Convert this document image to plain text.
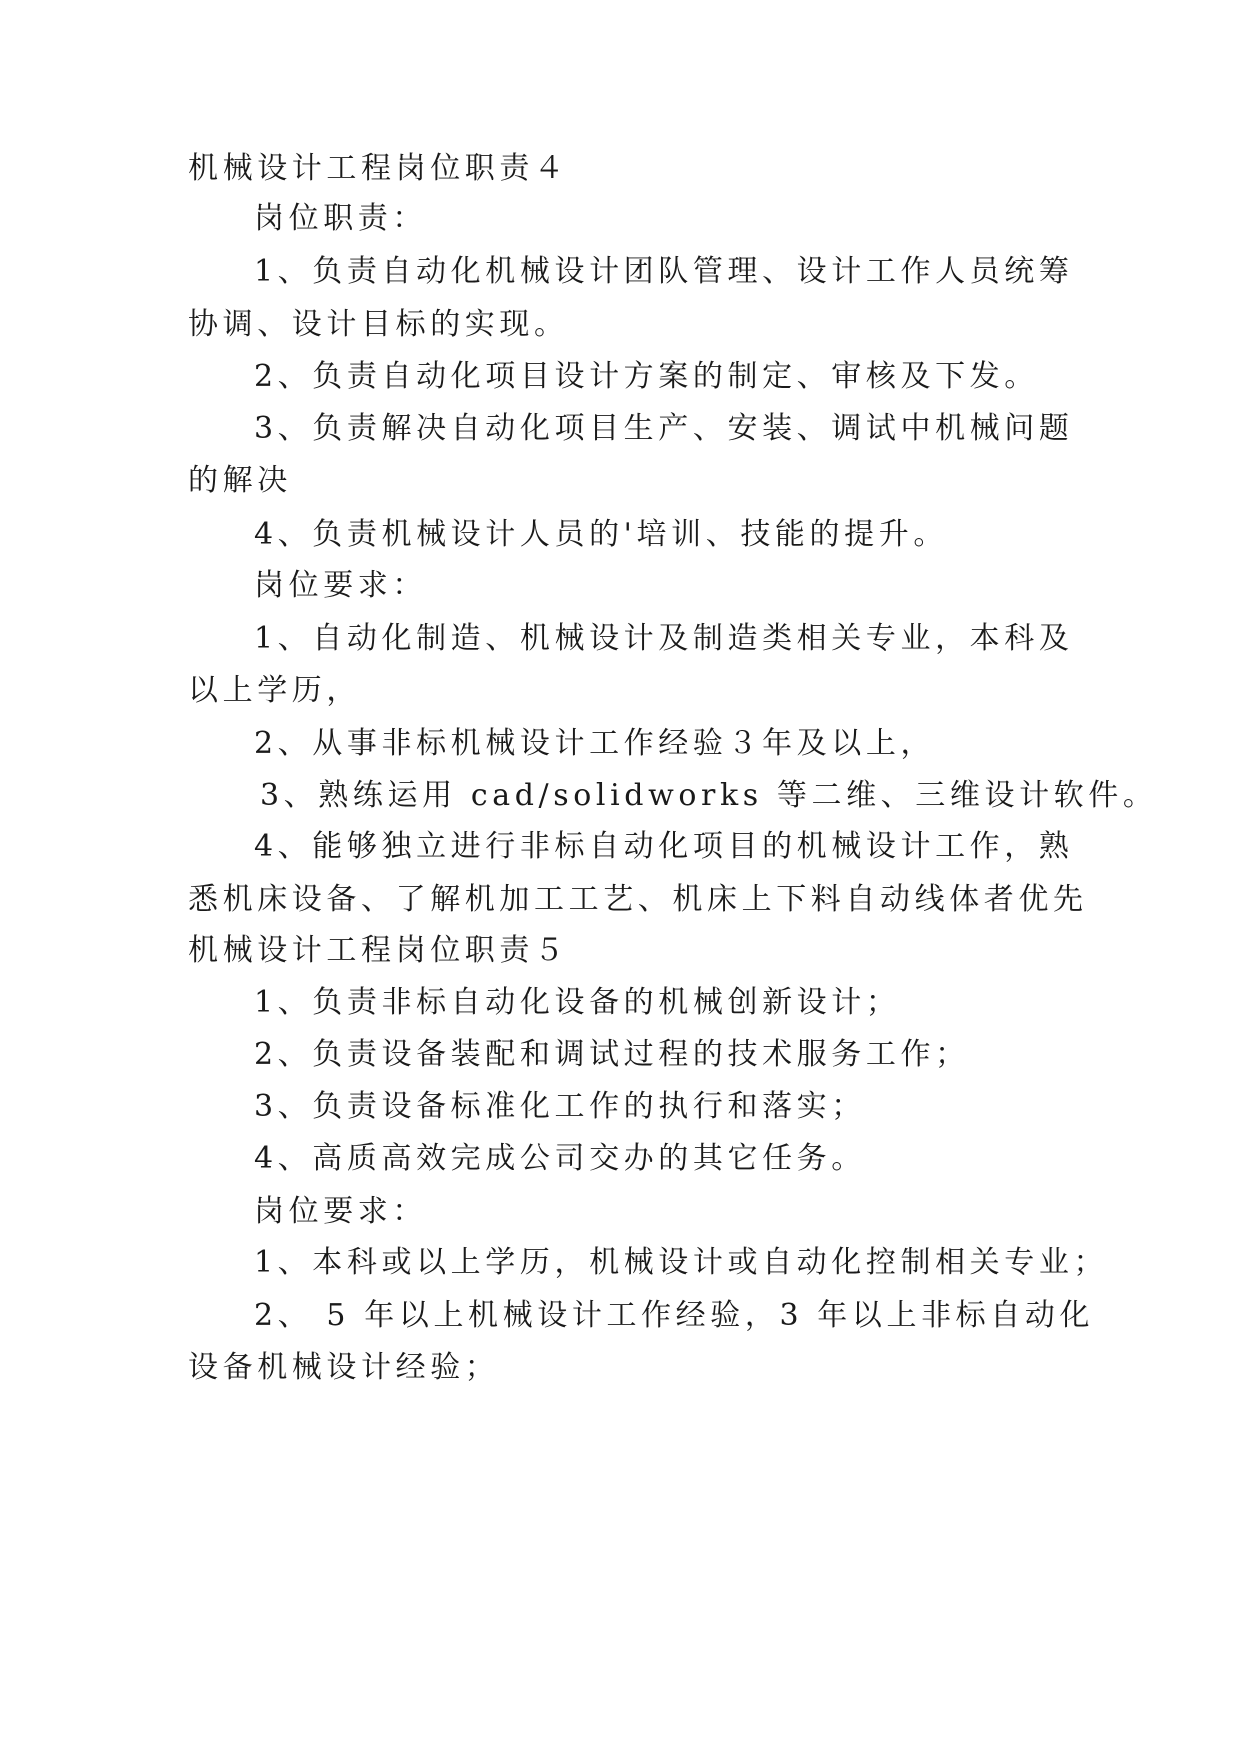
机械设计工程岗位职责４

岗位职责：

1、负责自动化机械设计团队管理、设计工作人员统筹

协调、设计目标的实现。

2、负责自动化项目设计方案的制定、审核及下发。

3、负责解决自动化项目生产、安装、调试中机械问题

的解决

4、负责机械设计人员的'培训、技能的提升。

岗位要求：

1、自动化制造、机械设计及制造类相关专业，本科及

以上学历，

2、从事非标机械设计工作经验３年及以上，

3、熟练运用 cad/solidworks 等二维、三维设计软件。

4、能够独立进行非标自动化项目的机械设计工作，熟

悉机床设备、了解机加工工艺、机床上下料自动线体者优先

机械设计工程岗位职责５

1、负责非标自动化设备的机械创新设计；

2、负责设备装配和调试过程的技术服务工作；

3、负责设备标准化工作的执行和落实；

4、高质高效完成公司交办的其它任务。

岗位要求：

1、本科或以上学历，机械设计或自动化控制相关专业；

2、 5 年以上机械设计工作经验，3 年以上非标自动化

设备机械设计经验；
